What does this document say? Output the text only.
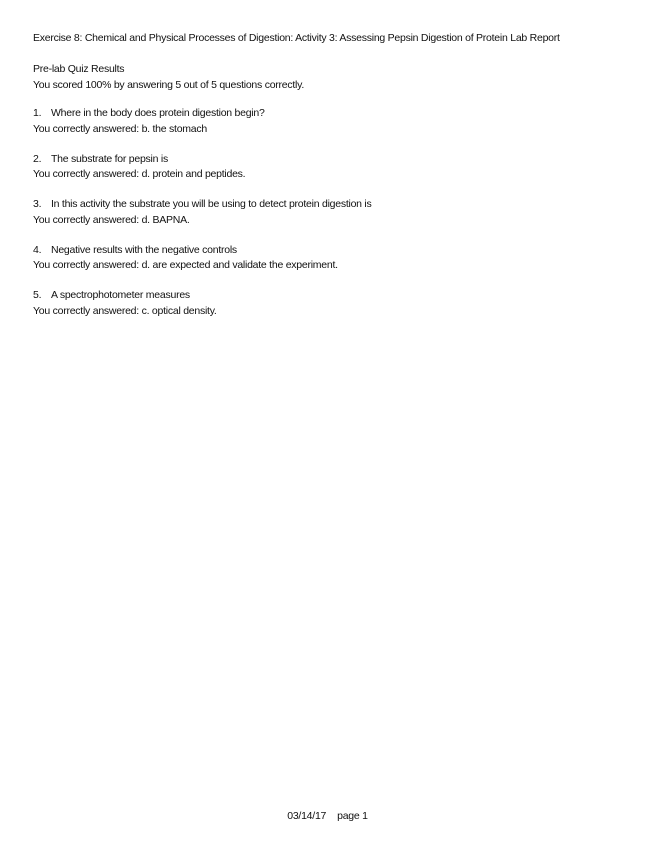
Exercise 8: Chemical and Physical Processes of Digestion: Activity 3: Assessing Pepsin Digestion of Protein Lab Report
Pre-lab Quiz Results
You scored 100% by answering 5 out of 5 questions correctly.
1. Where in the body does protein digestion begin?
You correctly answered: b. the stomach
2. The substrate for pepsin is
You correctly answered: d. protein and peptides.
3. In this activity the substrate you will be using to detect protein digestion is
You correctly answered: d. BAPNA.
4. Negative results with the negative controls
You correctly answered: d. are expected and validate the experiment.
5. A spectrophotometer measures
You correctly answered: c. optical density.
03/14/17 page 1
